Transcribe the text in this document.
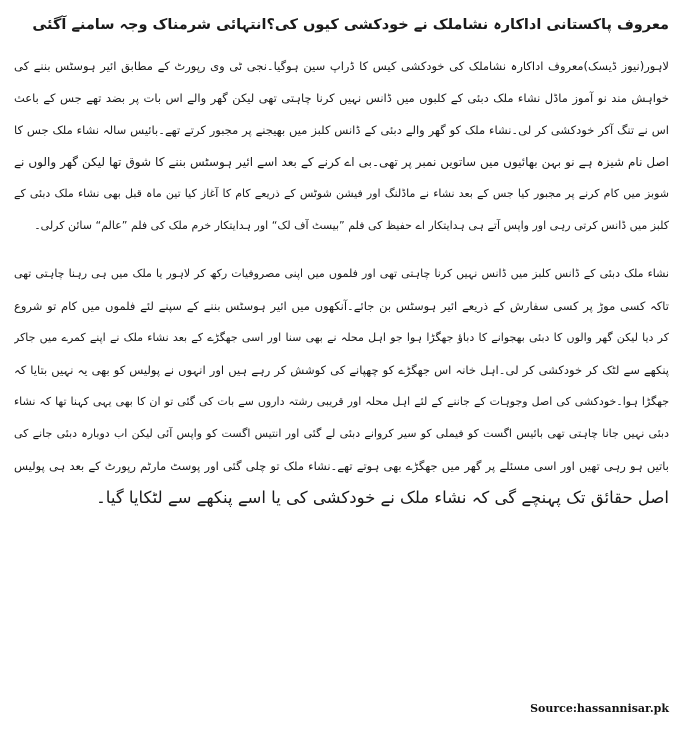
معروف پاکستانی اداکارہ نشاملک نے خودکشی کیوں کی؟انتہائی شرمناک وجہ سامنے آگئی
لاہور(نیوز ڈیسک)معروف اداکارہ نشاملک کی خودکشی کیس کا ڈراپ سین ہوگیا۔نجی ٹی وی رپورٹ کے مطابق ائیر ہوسٹس بننے کی
خواہش مند نو آموز ماڈل نشاء ملک دبئی کے کلبوں میں ڈانس نہیں کرنا چاہتی تھی لیکن گھر والے اس بات پر بضد تھے جس کے باعث
اس نے تنگ آکر خودکشی کر لی۔نشاء ملک کو گھر والے دبئی کے ڈانس کلبز میں بھیجنے پر مجبور کرتے تھے۔بائیس سالہ نشاء ملک جس کا
اصل نام شیزہ ہے نو بہن بھائیوں میں ساتویں نمبر پر تھی۔بی اے کرنے کے بعد اسے ائیر ہوسٹس بننے کا شوق تھا لیکن گھر والوں نے
شوبز میں کام کرنے پر مجبور کیا جس کے بعد نشاء نے ماڈلنگ اور فیشن شوٹس کے ذریعے کام کا آغاز کیا تین ماہ قبل بھی نشاء ملک دبئی کے
کلبز میں ڈانس کرتی رہی اور واپس آتے ہی ہدایتکار اے حفیظ کی فلم ”بیسٹ آف لک“ اور ہدایتکار خرم ملک کی فلم ”عالم“ سائن کرلی۔
نشاء ملک دبئی کے ڈانس کلبز میں ڈانس نہیں کرنا چاہتی تھی اور فلموں میں اپنی مصروفیات رکھ کر لاہور یا ملک میں ہی رہنا چاہتی تھی
تاکہ کسی موڑ پر کسی سفارش کے ذریعے ائیر ہوسٹس بن جائے۔آنکھوں میں ائیر ہوسٹس بننے کے سپنے لئے فلموں میں کام تو شروع
کر دیا لیکن گھر والوں کا دبئی بھجوانے کا دباؤ جھگڑا ہوا جو اہل محلہ نے بھی سنا اور اسی جھگڑے کے بعد نشاء ملک نے اپنے کمرے میں جاکر
پنکھے سے لٹک کر خودکشی کر لی۔اہل خانہ اس جھگڑے کو چھپانے کی کوشش کر رہے ہیں اور انہوں نے پولیس کو بھی یہ نہیں بتایا کہ
جھگڑا ہوا۔خودکشی کی اصل وجوہات کے جاننے کے لئے اہل محلہ اور قریبی رشتہ داروں سے بات کی گئی تو ان کا بھی یہی کہنا تھا کہ نشاء
دبئی نہیں جانا چاہتی تھی بائیس اگست کو فیملی کو سیر کروانے دبئی لے گئی اور انتیس اگست کو واپس آئی لیکن اب دوبارہ دبئی جانے کی
باتیں ہو رہی تھیں اور اسی مسئلے پر گھر میں جھگڑے بھی ہوتے تھے۔نشاء ملک تو چلی گئی اور پوسٹ مارٹم رپورٹ کے بعد ہی پولیس
اصل حقائق تک پہنچے گی کہ نشاء ملک نے خودکشی کی یا اسے پنکھے سے لٹکایا گیا۔
Source:hassannisar.pk
